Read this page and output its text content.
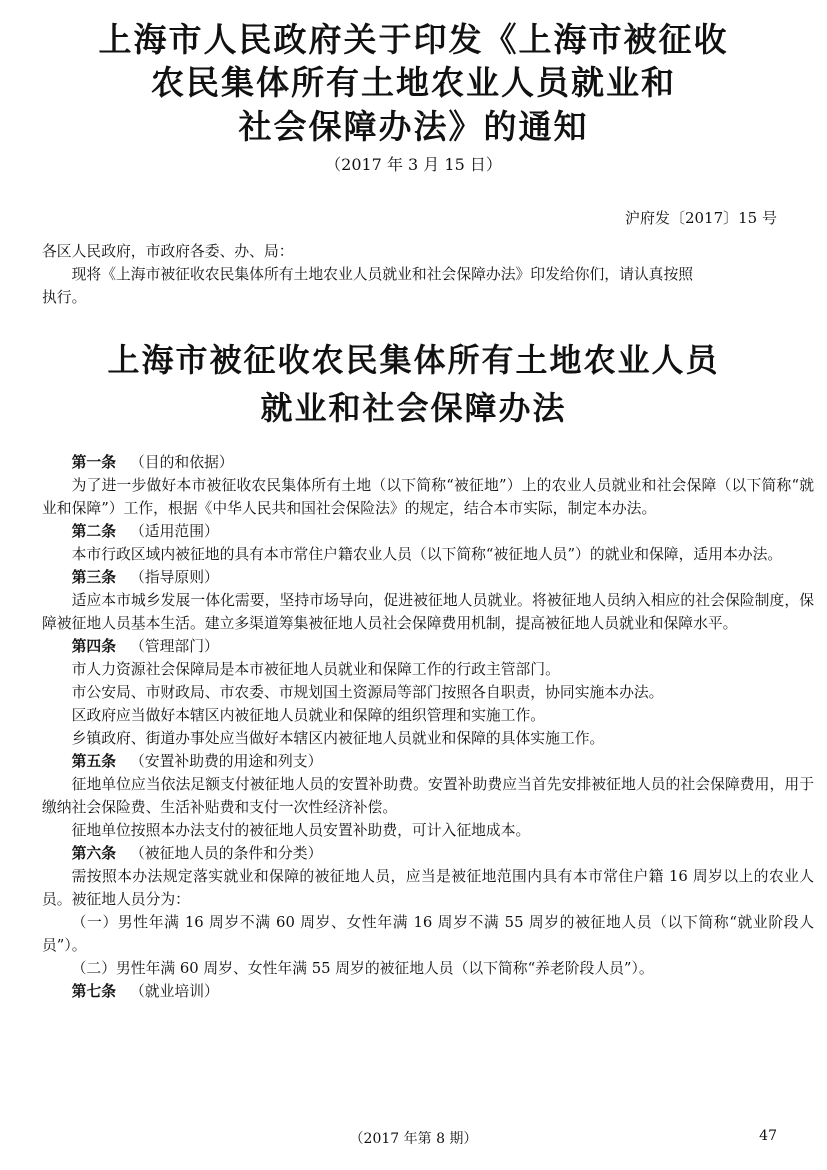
上海市人民政府关于印发《上海市被征收
农民集体所有土地农业人员就业和
社会保障办法》的通知
（2017 年 3 月 15 日）
沪府发〔2017〕15 号

各区人民政府，市政府各委、办、局：

现将《上海市被征收农民集体所有土地农业人员就业和社会保障办法》印发给你们，请认真按照
执行。

上海市被征收农民集体所有土地农业人员
就业和社会保障办法

第一条 （目的和依据）

为了进一步做好本市被征收农民集体所有土地（以下简称“被征地”）上的农业人员就业和社会保障（以下简称“就业和保障”）工作，根据《中华人民共和国社会保险法》的规定，结合本市实际，制定本办法。

第二条 （适用范围）

本市行政区域内被征地的具有本市常住户籍农业人员（以下简称“被征地人员”）的就业和保障，适用本办法。

第三条 （指导原则）

适应本市城乡发展一体化需要，坚持市场导向，促进被征地人员就业。将被征地人员纳入相应的社会保险制度，保障被征地人员基本生活。建立多渠道筹集被征地人员社会保障费用机制，提高被征地人员就业和保障水平。

第四条 （管理部门）

市人力资源社会保障局是本市被征地人员就业和保障工作的行政主管部门。

市公安局、市财政局、市农委、市规划国土资源局等部门按照各自职责，协同实施本办法。

区政府应当做好本辖区内被征地人员就业和保障的组织管理和实施工作。

乡镇政府、街道办事处应当做好本辖区内被征地人员就业和保障的具体实施工作。

第五条 （安置补助费的用途和列支）

征地单位应当依法足额支付被征地人员的安置补助费。安置补助费应当首先安排被征地人员的社会保障费用，用于缴纳社会保险费、生活补贴费和支付一次性经济补偿。

征地单位按照本办法支付的被征地人员安置补助费，可计入征地成本。

第六条 （被征地人员的条件和分类）

需按照本办法规定落实就业和保障的被征地人员，应当是被征地范围内具有本市常住户籍 16 周岁以上的农业人员。被征地人员分为：

（一）男性年满 16 周岁不满 60 周岁、女性年满 16 周岁不满 55 周岁的被征地人员（以下简称“就业阶段人员”）。

（二）男性年满 60 周岁、女性年满 55 周岁的被征地人员（以下简称“养老阶段人员”）。

第七条 （就业培训）

（2017 年第 8 期）	47
